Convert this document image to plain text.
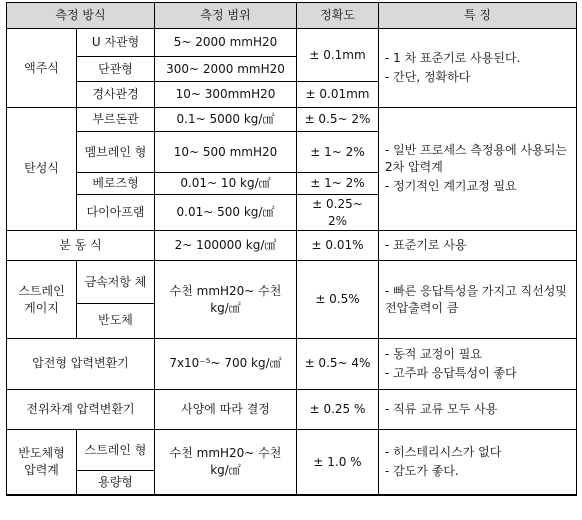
측정 방식		측정 범위	정확도	특 징
액주식	U 자관형	5~ 2000 mmH20	± 0.1mm	- 1 차 표준기로 사용된다.
- 간단, 정확하다

	단관형	300~ 2000 mmH20		
	경사관경	10~ 300mmH20	± 0.01mm	
탄성식	부르돈관	0.1~ 5000 kg/㎠	± 0.5~ 2%	- 일반 프로세스 측정용에 사용되는 2차 압력계
- 정기적인 계기교정 필요

	멤브레인 형	10~ 500 mmH20	± 1~ 2%	
	베로즈형	0.01~ 10 kg/㎠	± 1~ 2%	
	다이아프램	0.01~ 500 kg/㎠	± 0.25~ 2%	
분 동 식		2~ 100000 kg/㎠	± 0.01%	- 표준기로 사용

스트레인 게이지	금속저항 체	수천 mmH20~ 수천 kg/㎠	± 0.5%	- 빠른 응답특성을 가지고 직선성및 전압출력이 큼

	반도체			
압전형 압력변환기		7x10⁻⁵~ 700 kg/㎠	± 0.5~ 4%	- 동적 교정이 필요
- 고주파 응답특성이 좋다

전위차계 압력변환기		사양에 따라 결정	± 0.25 %	- 직류 교류 모두 사용

반도체형 압력계	스트레인 형	수천 mmH20~ 수천 kg/㎠	± 1.0 %	- 히스테리시스가 없다
- 감도가 좋다.

	용량형			
